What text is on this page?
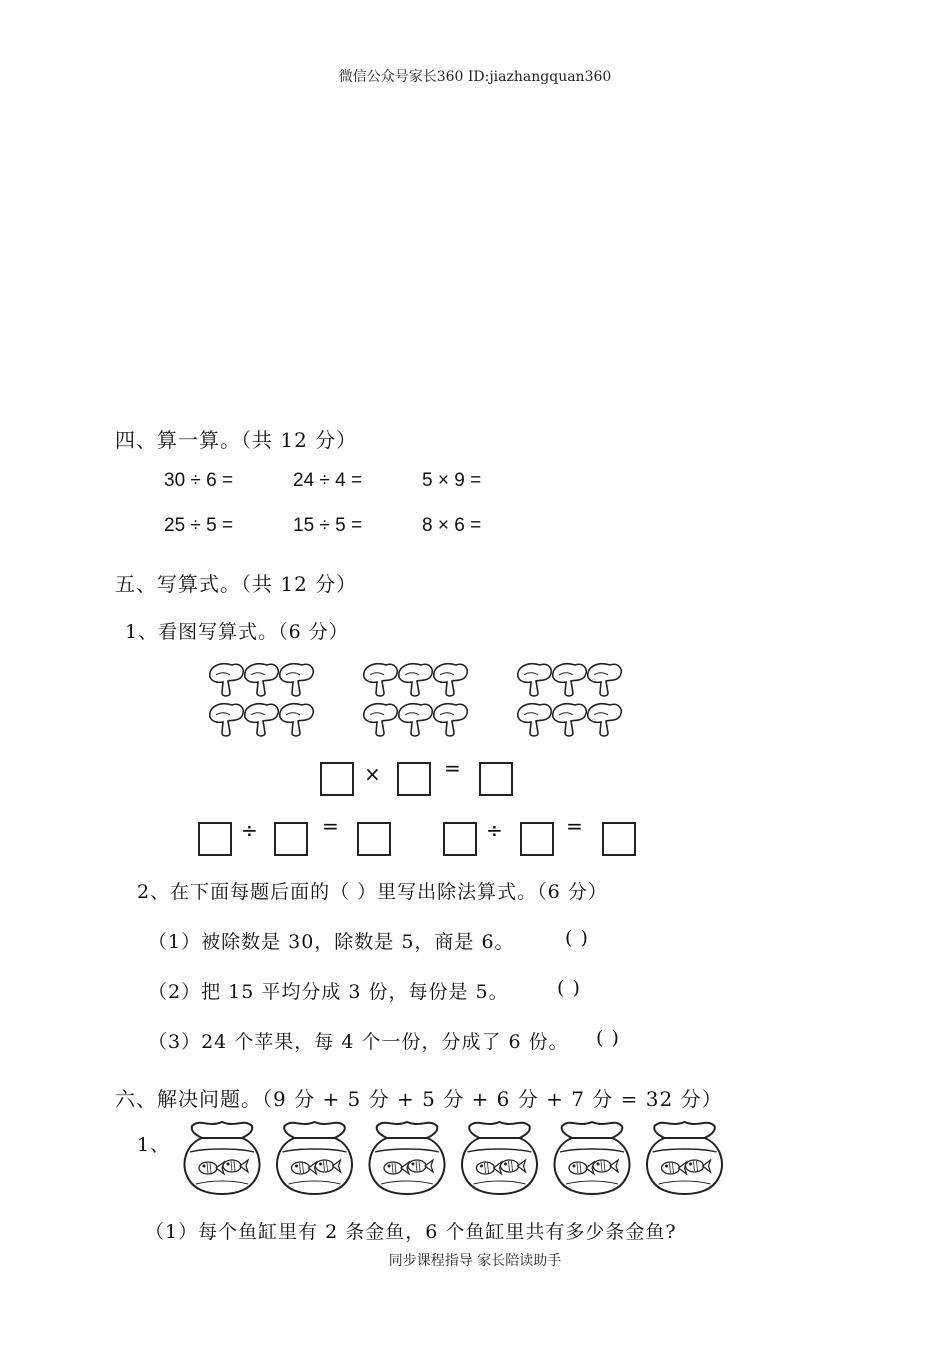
微信公众号家长360 ID:jiazhangquan360
四、算一算。（共 12 分）
30 ÷ 6 =	24 ÷ 4 =	5 × 9 =
25 ÷ 5 =	15 ÷ 5 =	8 × 6 =
五、写算式。（共 12 分）
1、看图写算式。（6 分）
×	=
÷	=	÷	=
2、在下面每题后面的（ ）里写出除法算式。（6 分）
（1）被除数是 30，除数是 5，商是 6。	( )
（2）把 15 平均分成 3 份，每份是 5。	( )
（3）24 个苹果，每 4 个一份，分成了 6 份。 ( )
六、解决问题。（9 分 + 5 分 + 5 分 + 6 分 + 7 分 = 32 分）
1、
（1）每个鱼缸里有 2 条金鱼，6 个鱼缸里共有多少条金鱼?
同步课程指导 家长陪读助手
